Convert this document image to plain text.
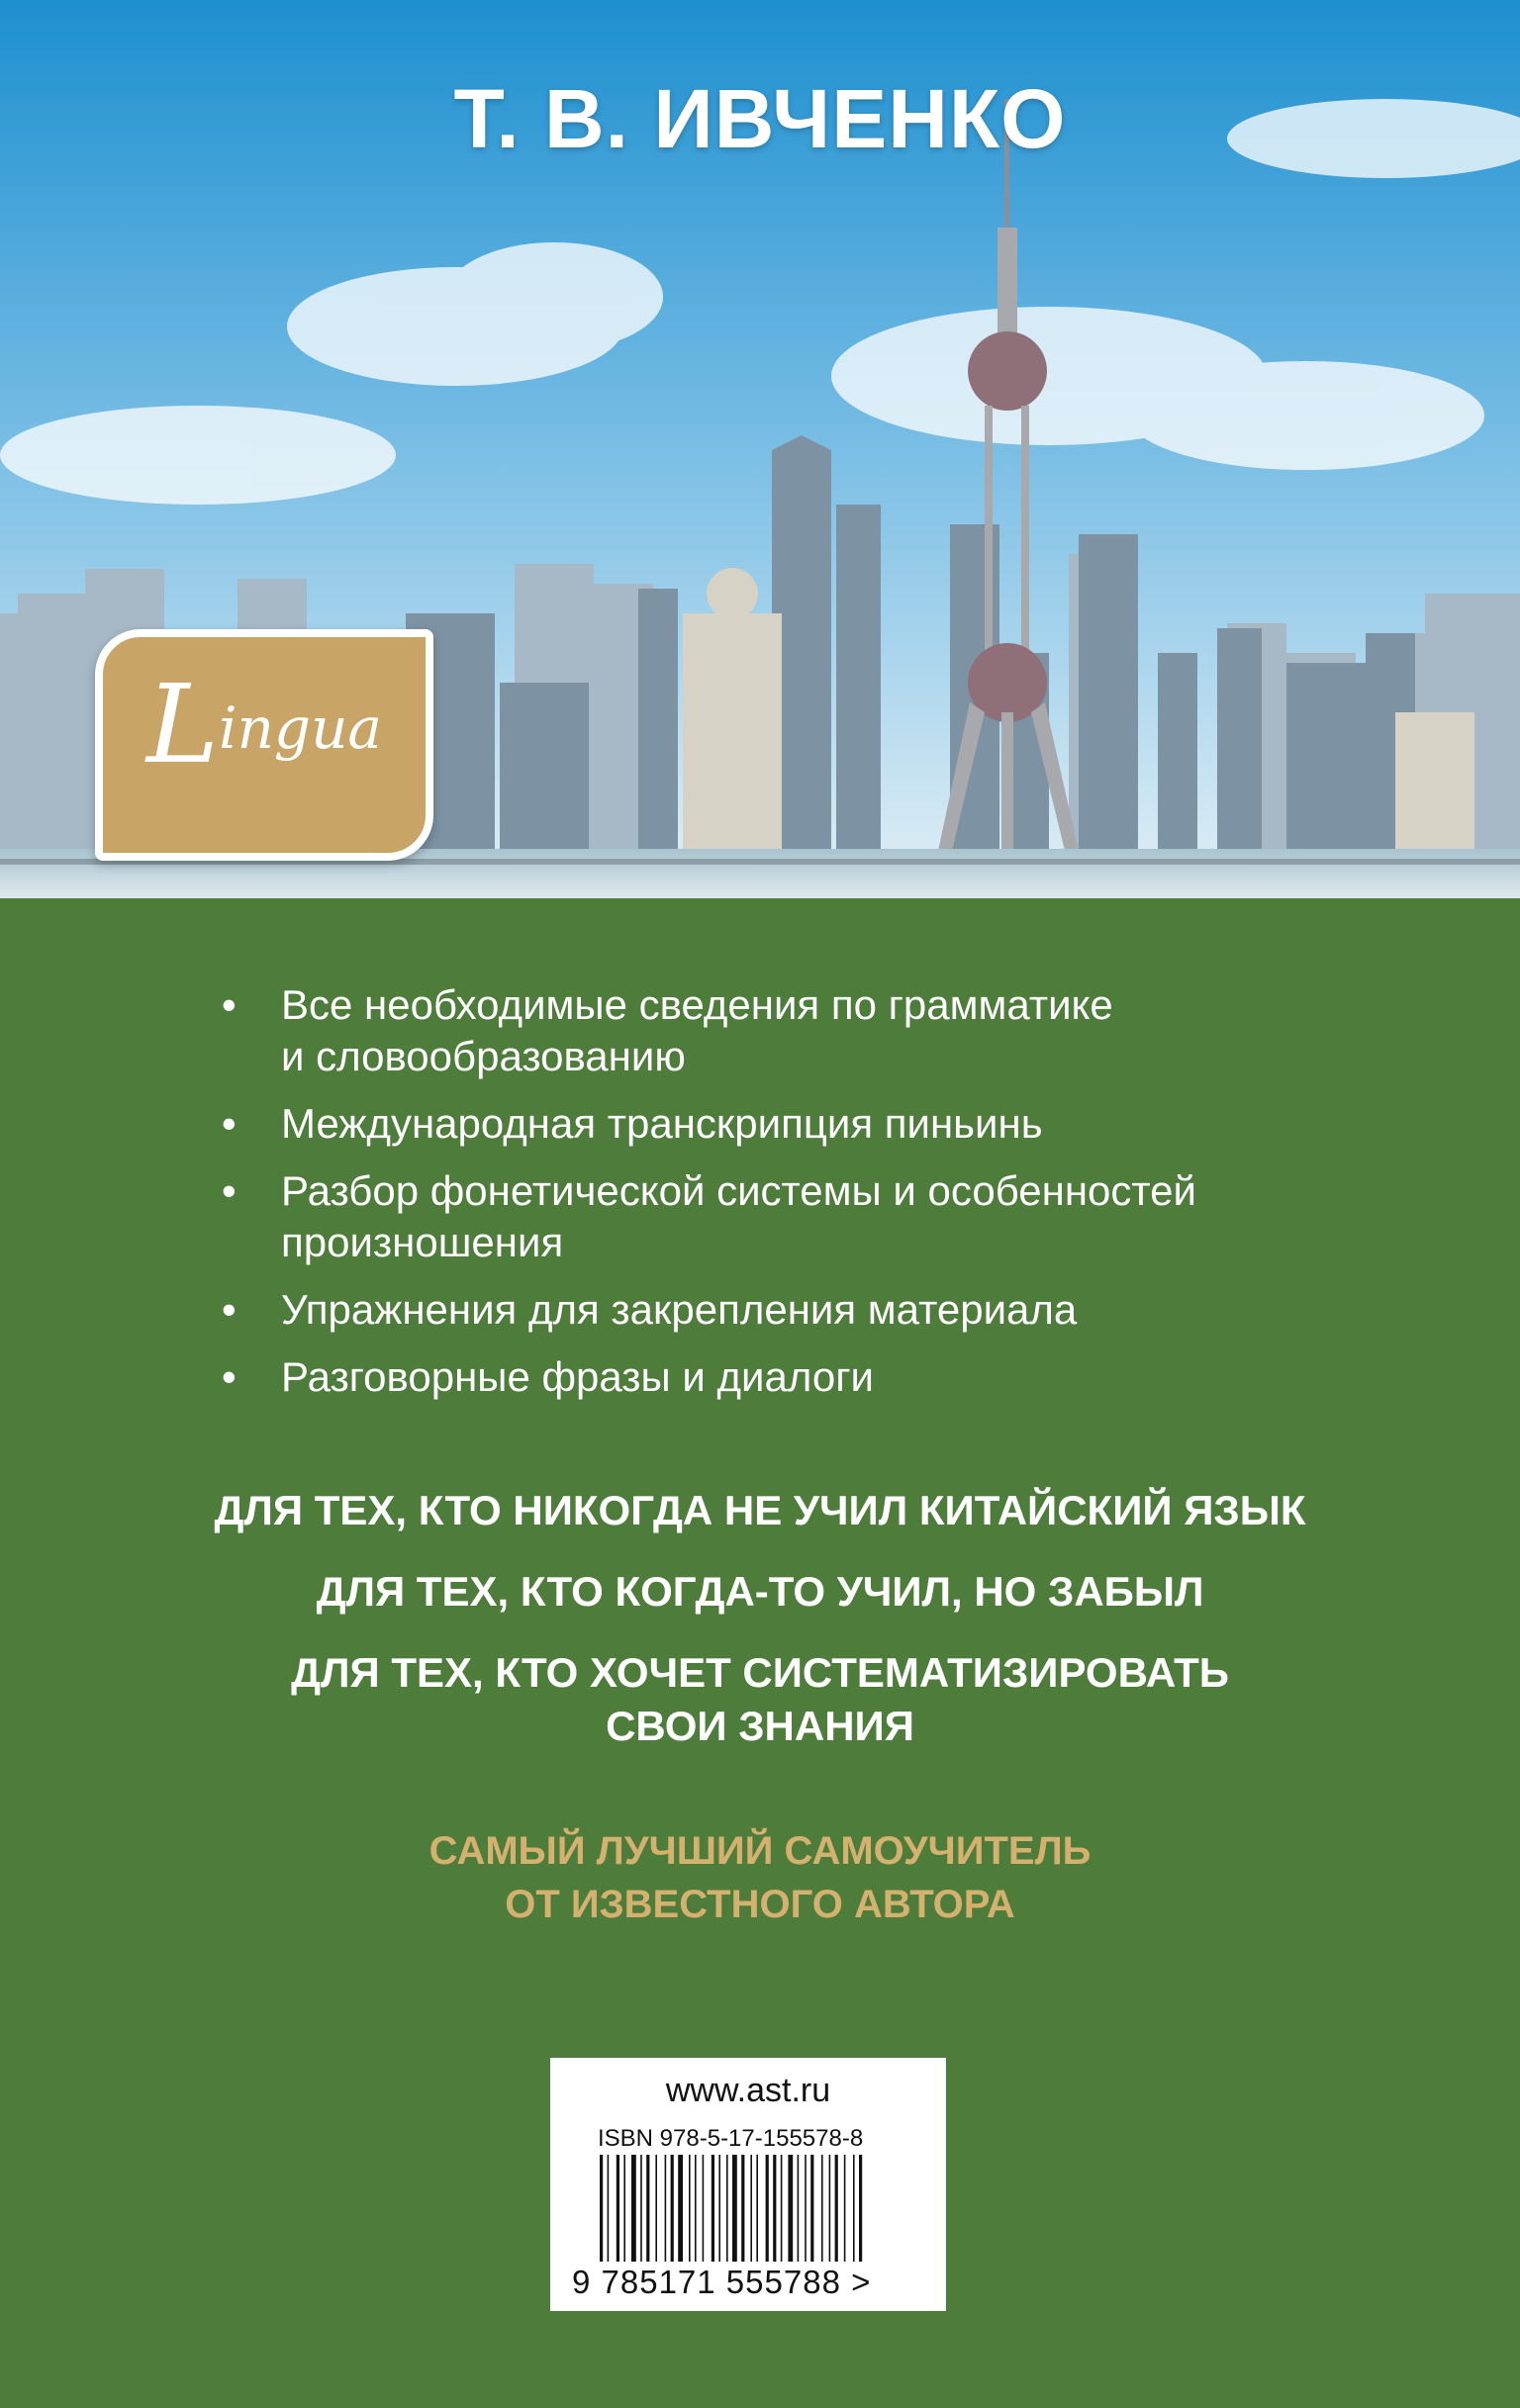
Т. В. ИВЧЕНКО
Lingua
• Все необходимые сведения по грамматике
и словообразованию
• Международная транскрипция пиньинь
• Разбор фонетической системы и особенностей
произношения
• Упражнения для закрепления материала
• Разговорные фразы и диалоги
ДЛЯ ТЕХ, КТО НИКОГДА НЕ УЧИЛ КИТАЙСКИЙ ЯЗЫК
ДЛЯ ТЕХ, КТО КОГДА-ТО УЧИЛ, НО ЗАБЫЛ
ДЛЯ ТЕХ, КТО ХОЧЕТ СИСТЕМАТИЗИРОВАТЬ
СВОИ ЗНАНИЯ
САМЫЙ ЛУЧШИЙ САМОУЧИТЕЛЬ
ОТ ИЗВЕСТНОГО АВТОРА
www.ast.ru
ISBN 978-5-17-155578-8
9 785171 555788 >
